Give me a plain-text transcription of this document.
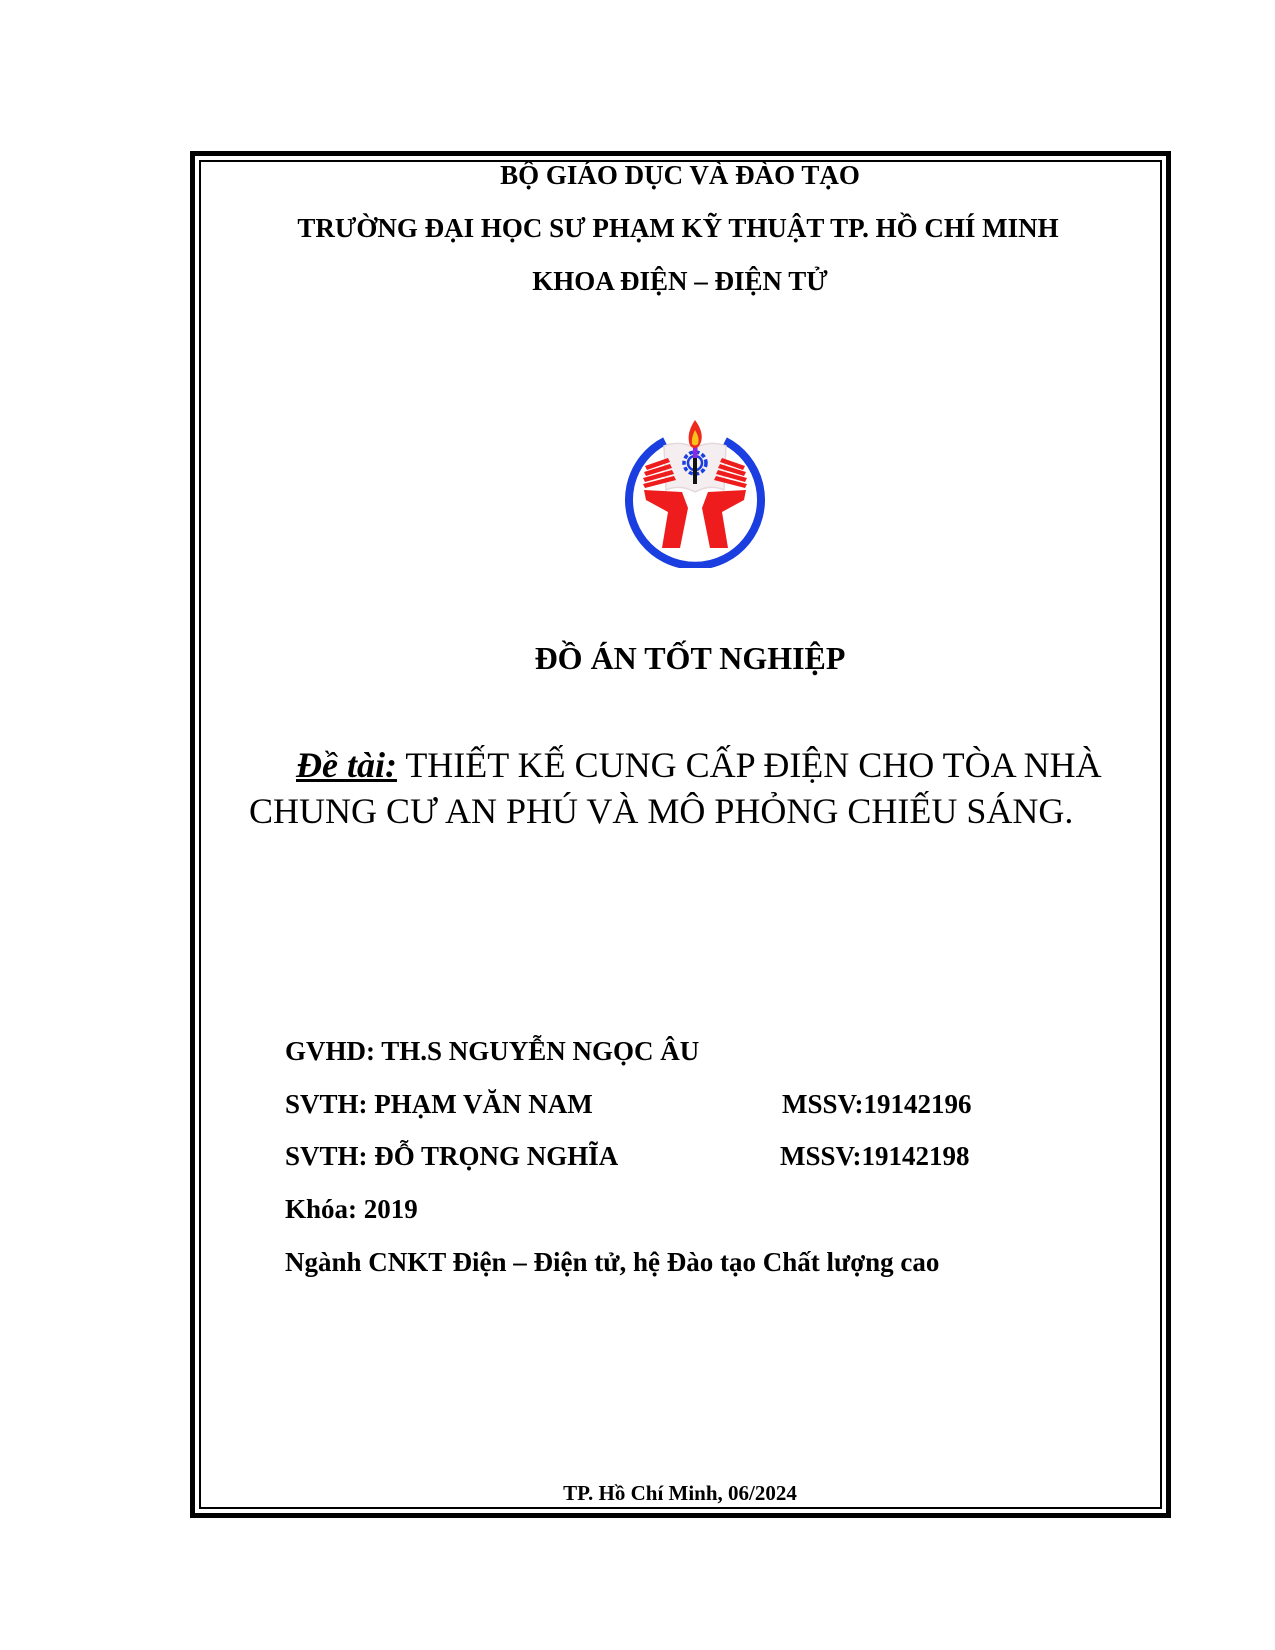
BỘ GIÁO DỤC VÀ ĐÀO TẠO
TRƯỜNG ĐẠI HỌC SƯ PHẠM KỸ THUẬT TP. HỒ CHÍ MINH
KHOA ĐIỆN – ĐIỆN TỬ
ĐỒ ÁN TỐT NGHIỆP
Đề tài: THIẾT KẾ CUNG CẤP ĐIỆN CHO TÒA NHÀ
CHUNG CƯ AN PHÚ VÀ MÔ PHỎNG CHIẾU SÁNG.
GVHD: TH.S NGUYỄN NGỌC ÂU
SVTH: PHẠM VĂN NAM	MSSV:19142196
SVTH: ĐỖ TRỌNG NGHĨA	MSSV:19142198
Khóa: 2019
Ngành CNKT Điện – Điện tử, hệ Đào tạo Chất lượng cao
TP. Hồ Chí Minh, 06/2024
